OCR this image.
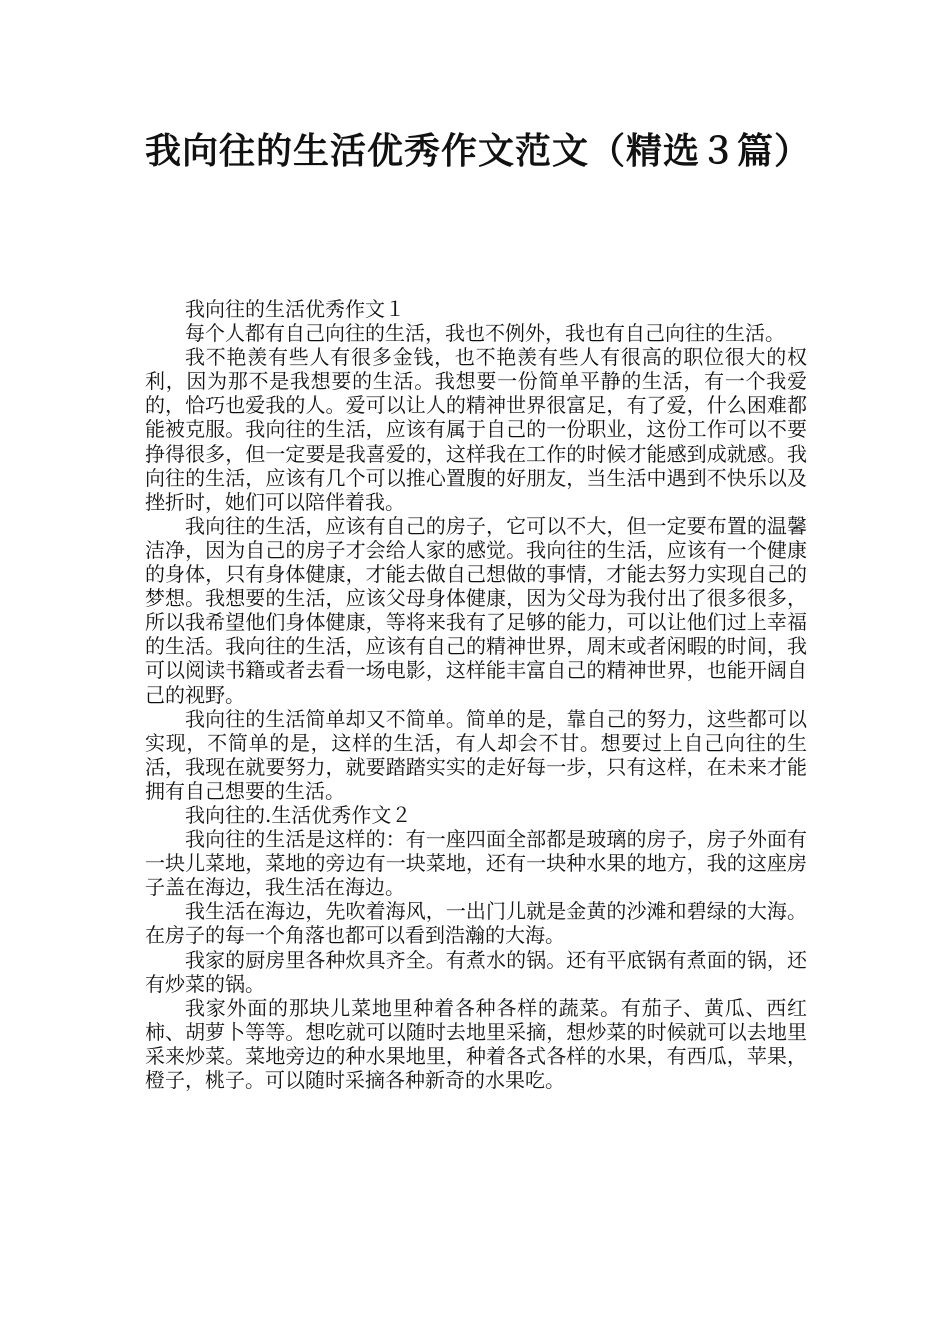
我向往的生活优秀作文范文（精选３篇）

我向往的生活优秀作文１

每个人都有自己向往的生活，我也不例外，我也有自己向往的生活。

我不艳羡有些人有很多金钱，也不艳羡有些人有很高的职位很大的权利，因为那不是我想要的生活。我想要一份简单平静的生活，有一个我爱的，恰巧也爱我的人。爱可以让人的精神世界很富足，有了爱，什么困难都能被克服。我向往的生活，应该有属于自己的一份职业，这份工作可以不要挣得很多，但一定要是我喜爱的，这样我在工作的时候才能感到成就感。我向往的生活，应该有几个可以推心置腹的好朋友，当生活中遇到不快乐以及挫折时，她们可以陪伴着我。

我向往的生活，应该有自己的房子，它可以不大，但一定要布置的温馨洁净，因为自己的房子才会给人家的感觉。我向往的生活，应该有一个健康的身体，只有身体健康，才能去做自己想做的事情，才能去努力实现自己的梦想。我想要的生活，应该父母身体健康，因为父母为我付出了很多很多，所以我希望他们身体健康，等将来我有了足够的能力，可以让他们过上幸福的生活。我向往的生活，应该有自己的精神世界，周末或者闲暇的时间，我可以阅读书籍或者去看一场电影，这样能丰富自己的精神世界，也能开阔自己的视野。

我向往的生活简单却又不简单。简单的是，靠自己的努力，这些都可以实现，不简单的是，这样的生活，有人却会不甘。想要过上自己向往的生活，我现在就要努力，就要踏踏实实的走好每一步，只有这样，在未来才能拥有自己想要的生活。

我向往的.生活优秀作文２

我向往的生活是这样的：有一座四面全部都是玻璃的房子，房子外面有一块儿菜地，菜地的旁边有一块菜地，还有一块种水果的地方，我的这座房子盖在海边，我生活在海边。

我生活在海边，先吹着海风，一出门儿就是金黄的沙滩和碧绿的大海。在房子的每一个角落也都可以看到浩瀚的大海。

我家的厨房里各种炊具齐全。有煮水的锅。还有平底锅有煮面的锅，还有炒菜的锅。

我家外面的那块儿菜地里种着各种各样的蔬菜。有茄子、黄瓜、西红柿、胡萝卜等等。想吃就可以随时去地里采摘，想炒菜的时候就可以去地里采来炒菜。菜地旁边的种水果地里，种着各式各样的水果，有西瓜，苹果，橙子，桃子。可以随时采摘各种新奇的水果吃。
